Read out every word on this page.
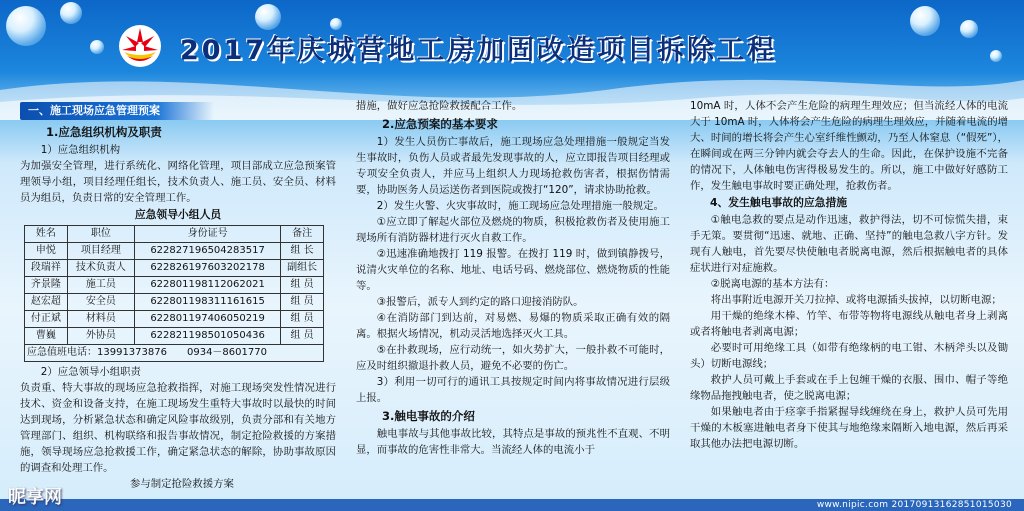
2017年庆城营地工房加固改造项目拆除工程
一、施工现场应急管理预案
1.应急组织机构及职责

1）应急组织机构

为加强安全管理，进行系统化、网络化管理，项目部成立应急预案管理领导小组，项目经理任组长，技术负责人、施工员、安全员、材料员为组员，负责日常的安全管理工作。

应急领导小组人员
姓名	职位	身份证号	备注
申悦	项目经理	622827196504283517	组 长
段瑞祥	技术负责人	622826197603202178	副组长
齐景隆	施工员	622801198112062021	组 员
赵宏超	安全员	622801198311161615	组 员
付正斌	材料员	622801197406050219	组 员
曹巍	外协员	622821198501050436	组 员
应急值班电话：13991373876　　0934－8601770			

2）应急领导小组职责

负责重、特大事故的现场应急抢救指挥，对施工现场突发性情况进行技术、资金和设备支持，在施工现场发生重特大事故时以最快的时间达到现场，分析紧急状态和确定风险事故级别，负责分部和有关地方管理部门、组织、机构联络和报告事故情况，制定抢险救援的方案措施，领导现场应急抢救援工作，确定紧急状态的解除，协助事故原因的调查和处理工作。

参与制定抢险救援方案

措施，做好应急抢险救援配合工作。

2.应急预案的基本要求

1）发生人员伤亡事故后，施工现场应急处理措施一般规定当发生事故时，负伤人员或者最先发现事故的人，应立即报告项目经理或专项安全负责人，并应马上组织人力现场抢救伤害者，根据伤情需要，协助医务人员运送伤者到医院或拨打“120”，请求协助抢救。

2）发生火警、火灾事故时，施工现场应急处理措施一般规定。

①应立即了解起火部位及燃烧的物质，积极抢救伤者及使用施工现场所有消防器材进行灭火自救工作。

②迅速准确地拨打 119 报警。在拨打 119 时，做到镇静拨号，说清火灾单位的名称、地址、电话号码、燃烧部位、燃烧物质的性能等。

③报警后，派专人到约定的路口迎接消防队。

④在消防部门到达前，对易燃、易爆的物质采取正确有效的隔离。根据火场情况，机动灵活地选择灭火工具。

⑤在扑救现场，应行动统一，如火势扩大，一般扑救不可能时，应及时组织撤退扑救人员，避免不必要的伤亡。

3）利用一切可行的通讯工具按规定时间内将事故情况进行层级上报。

3.触电事故的介绍

触电事故与其他事故比较，其特点是事故的预兆性不直观、不明显，而事故的危害性非常大。当流经人体的电流小于

10mA 时，人体不会产生危险的病理生理效应；但当流经人体的电流大于 10mA 时，人体将会产生危险的病理生理效应，并随着电流的增大、时间的增长将会产生心室纤维性颤动，乃至人体窒息（“假死”），在瞬间或在两三分钟内就会夺去人的生命。因此，在保护设施不完备的情况下，人体触电伤害得极易发生的。所以，施工中做好好感防工作，发生触电事故时要正确处理，抢救伤者。

4、发生触电事故的应急措施

①触电急救的要点是动作迅速，救护得法，切不可惊慌失措，束手无策。要贯彻“迅速、就地、正确、坚持”的触电急救八字方针。发现有人触电，首先要尽快使触电者脱离电源，然后根据触电者的具体症状进行对症施救。

②脱离电源的基本方法有：

将出事附近电源开关刀拉掉、或将电源插头拔掉，以切断电源；

用干燥的绝缘木棒、竹竿、布带等物将电源线从触电者身上剥离或者将触电者剥离电源；

必要时可用绝缘工具（如带有绝缘柄的电工钳、木柄斧头以及锄头）切断电源线；

救护人员可戴上手套或在手上包缠干燥的衣服、围巾、帽子等绝缘物品拖拽触电者，使之脱离电源；

如果触电者由于痉挛手指紧握导线缠绕在身上，救护人员可先用干燥的木板塞进触电者身下使其与地绝缘来隔断入地电源，然后再采取其他办法把电源切断。

昵享网	www.nipic.com 20170913162851015030
